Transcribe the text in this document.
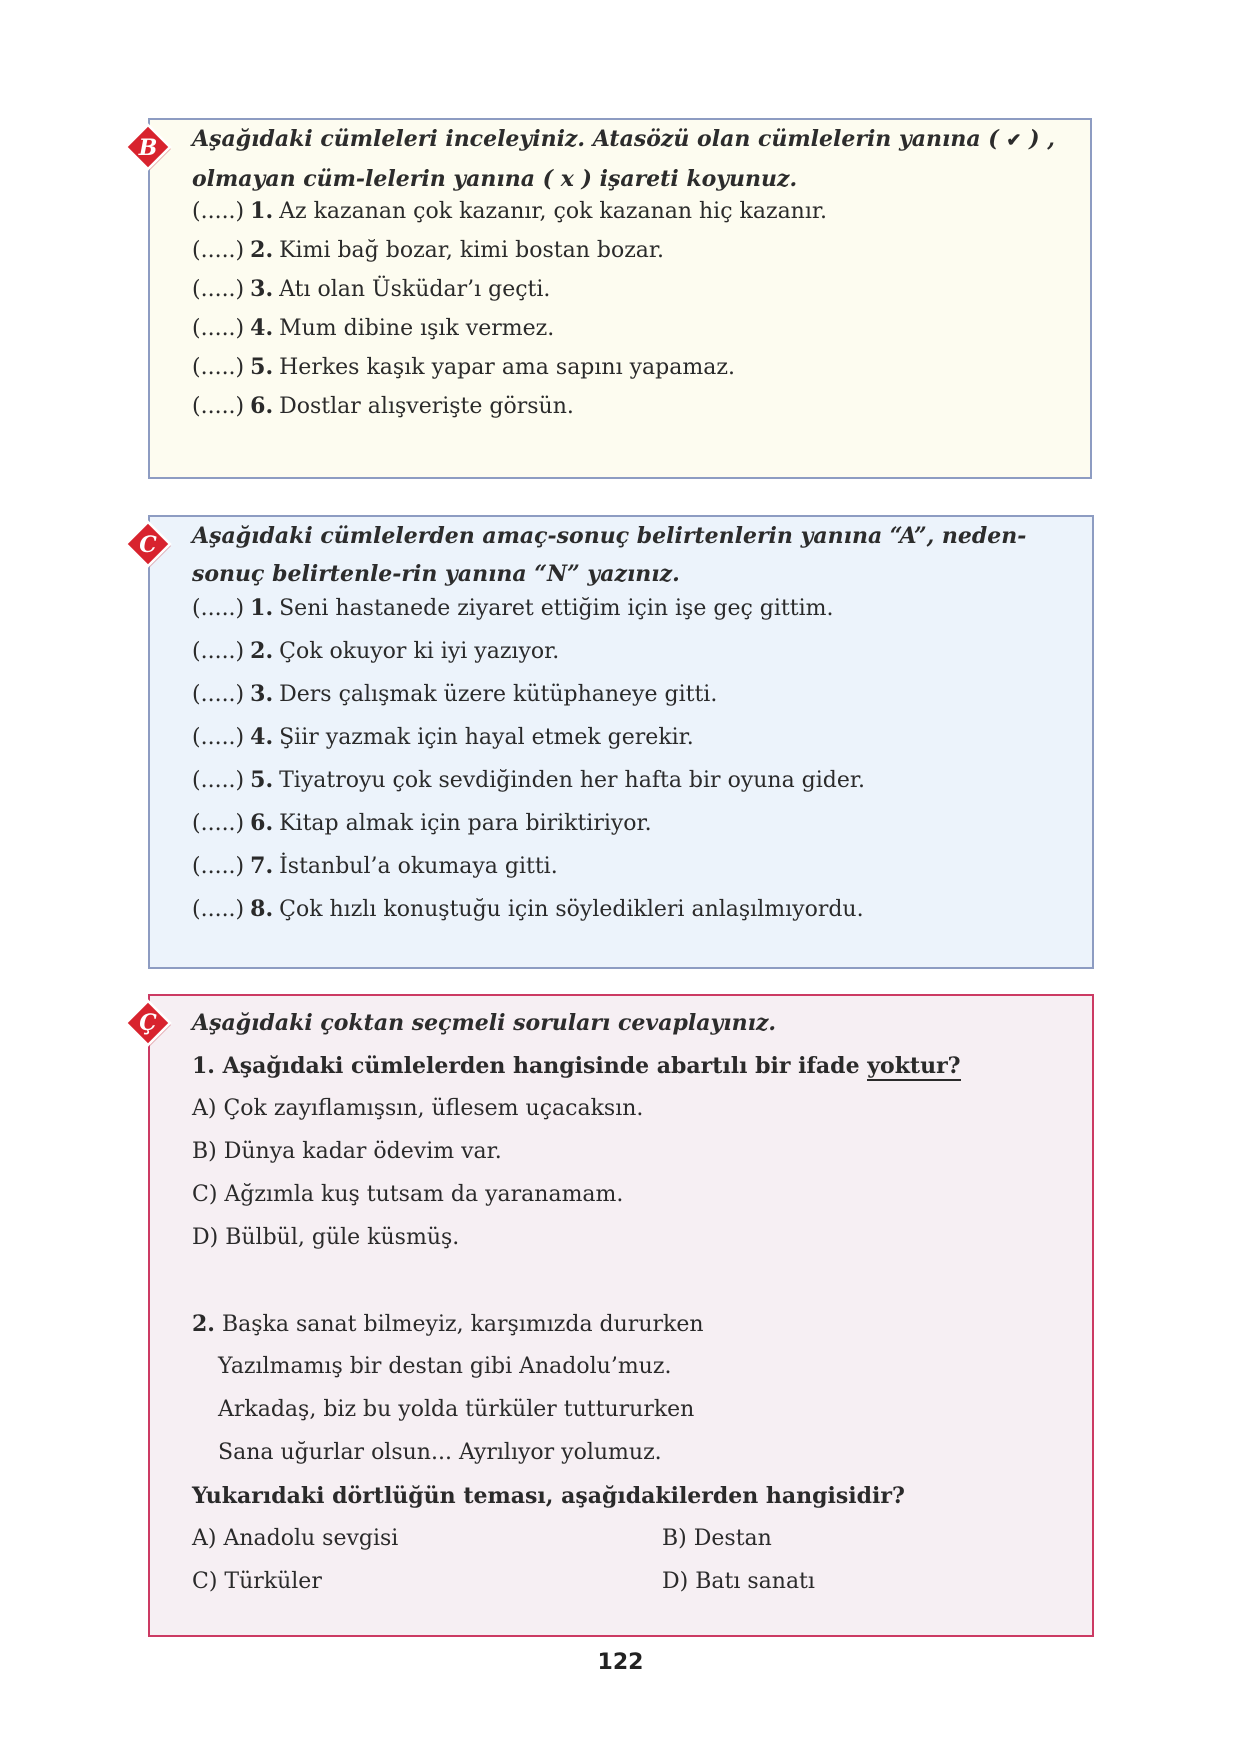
B Aşağıdaki cümleleri inceleyiniz. Atasözü olan cümlelerin yanına ( ✔ ) , olmayan cüm-lelerin yanına ( x ) işareti koyunuz.

(.....) 1. Az kazanan çok kazanır, çok kazanan hiç kazanır.

(.....) 2. Kimi bağ bozar, kimi bostan bozar.

(.....) 3. Atı olan Üsküdar’ı geçti.

(.....) 4. Mum dibine ışık vermez.

(.....) 5. Herkes kaşık yapar ama sapını yapamaz.

(.....) 6. Dostlar alışverişte görsün.

C Aşağıdaki cümlelerden amaç-sonuç belirtenlerin yanına “A”, neden-sonuç belirtenle-rin yanına “N” yazınız.

(.....) 1. Seni hastanede ziyaret ettiğim için işe geç gittim.

(.....) 2. Çok okuyor ki iyi yazıyor.

(.....) 3. Ders çalışmak üzere kütüphaneye gitti.

(.....) 4. Şiir yazmak için hayal etmek gerekir.

(.....) 5. Tiyatroyu çok sevdiğinden her hafta bir oyuna gider.

(.....) 6. Kitap almak için para biriktiriyor.

(.....) 7. İstanbul’a okumaya gitti.

(.....) 8. Çok hızlı konuştuğu için söyledikleri anlaşılmıyordu.

Ç Aşağıdaki çoktan seçmeli soruları cevaplayınız.

1. Aşağıdaki cümlelerden hangisinde abartılı bir ifade yoktur?

A) Çok zayıflamışsın, üflesem uçacaksın.

B) Dünya kadar ödevim var.

C) Ağzımla kuş tutsam da yaranamam.

D) Bülbül, güle küsmüş.

2. Başka sanat bilmeyiz, karşımızda dururken

Yazılmamış bir destan gibi Anadolu’muz.

Arkadaş, biz bu yolda türküler tuttururken

Sana uğurlar olsun... Ayrılıyor yolumuz.

Yukarıdaki dörtlüğün teması, aşağıdakilerden hangisidir?

A) Anadolu sevgisi	B) Destan

C) Türküler	D) Batı sanatı

122
